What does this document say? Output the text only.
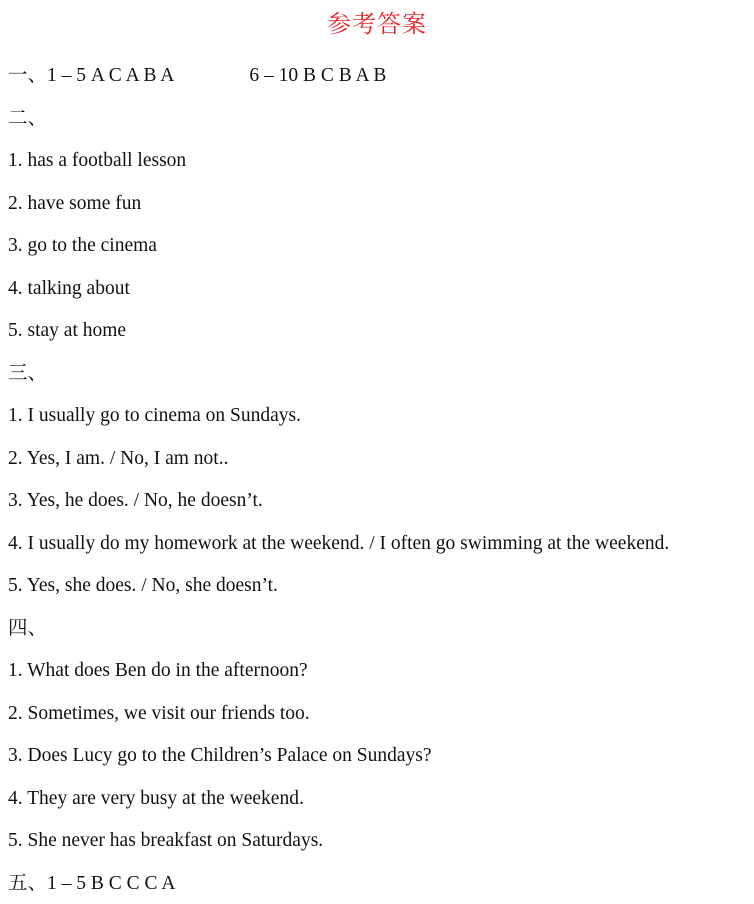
参考答案
一、1 – 5 A C A B A	6 – 10 B C B A B
二、
1. has a football lesson
2. have some fun
3. go to the cinema
4. talking about
5. stay at home
三、
1. I usually go to cinema on Sundays.
2. Yes, I am. / No, I am not..
3. Yes, he does. / No, he doesn’t.
4. I usually do my homework at the weekend. / I often go swimming at the weekend.
5. Yes, she does. / No, she doesn’t.
四、
1. What does Ben do in the afternoon?
2. Sometimes, we visit our friends too.
3. Does Lucy go to the Children’s Palace on Sundays?
4. They are very busy at the weekend.
5. She never has breakfast on Saturdays.
五、1 – 5 B C C C A
